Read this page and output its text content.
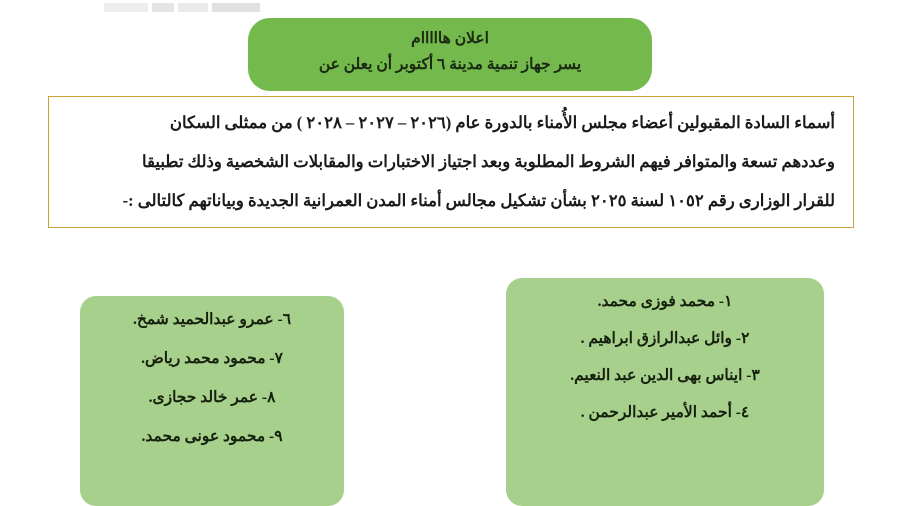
اعلان هااااام
يسر جهاز تنمية مدينة ٦ أكتوبر أن يعلن عن

أسماء السادة المقبولين أعضاء مجلس الأُمناء بالدورة عام (٢٠٢٦ – ٢٠٢٧ – ٢٠٢٨ ) من ممثلى السكان

وعددهم تسعة والمتوافر فيهم الشروط المطلوبة وبعد اجتياز الاختبارات والمقابلات الشخصية وذلك تطبيقا

للقرار الوزارى رقم ١٠٥٢ لسنة ٢٠٢٥ بشأن تشكيل مجالس أمناء المدن العمرانية الجديدة وبياناتهم كالتالى :-

١- محمد فوزى محمد.
٢- وائل عبدالرازق ابراهيم .
٣- ايناس بهى الدين عبد النعيم.
٤- أحمد الأمير عبدالرحمن .
٦- عمرو عبدالحميد شمخ.
٧- محمود محمد رياض.
٨- عمر خالد حجازى.
٩- محمود عونى محمد.
